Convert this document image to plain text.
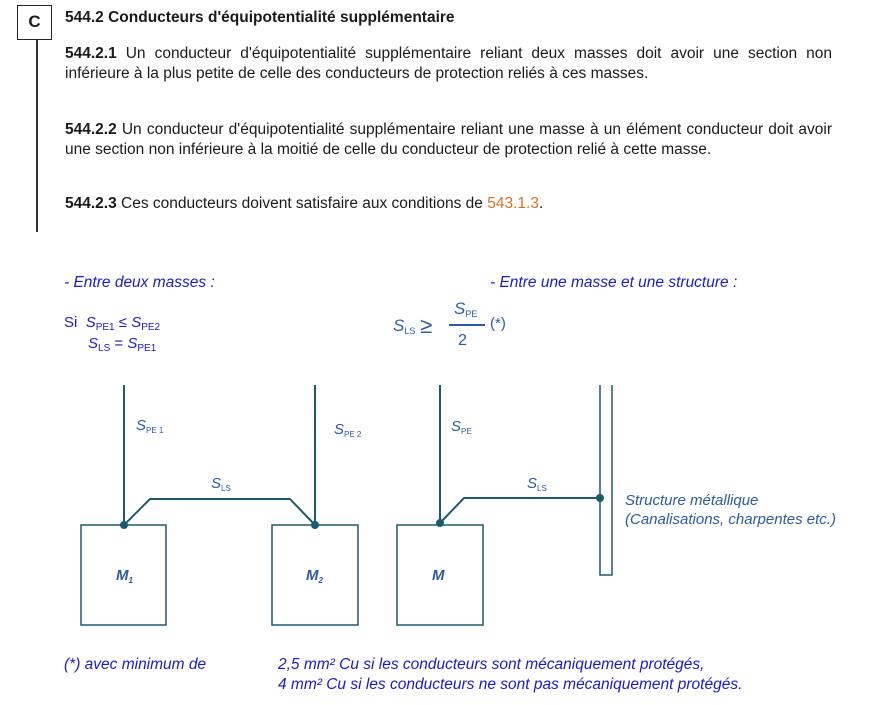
C	544.2 Conducteurs d'équipotentialité supplémentaire
544.2.1 Un conducteur d'équipotentialité supplémentaire reliant deux masses doit avoir une section non inférieure à la plus petite de celle des conducteurs de protection reliés à ces masses.
544.2.2 Un conducteur d'équipotentialité supplémentaire reliant une masse à un élément conducteur doit avoir une section non inférieure à la moitié de celle du conducteur de protection relié à cette masse.
544.2.3 Ces conducteurs doivent satisfaire aux conditions de 543.1.3.
- Entre deux masses :	- Entre une masse et une structure :
Si $S_{PE1} \le S_{PE2}$
$S_{LS} = S_{PE1}$
SLS ≥
SPE
2
(*)
$S_{PE 1}$	$S_{PE 2}$
$S_{LS}$
$S_{PE}$
$S_{LS}$
$M_1$	$M_2$	M
Structure métallique
(Canalisations, charpentes etc.)
(*) avec minimum de	2,5 mm² Cu si les conducteurs sont mécaniquement protégés,
4 mm² Cu si les conducteurs ne sont pas mécaniquement protégés.
